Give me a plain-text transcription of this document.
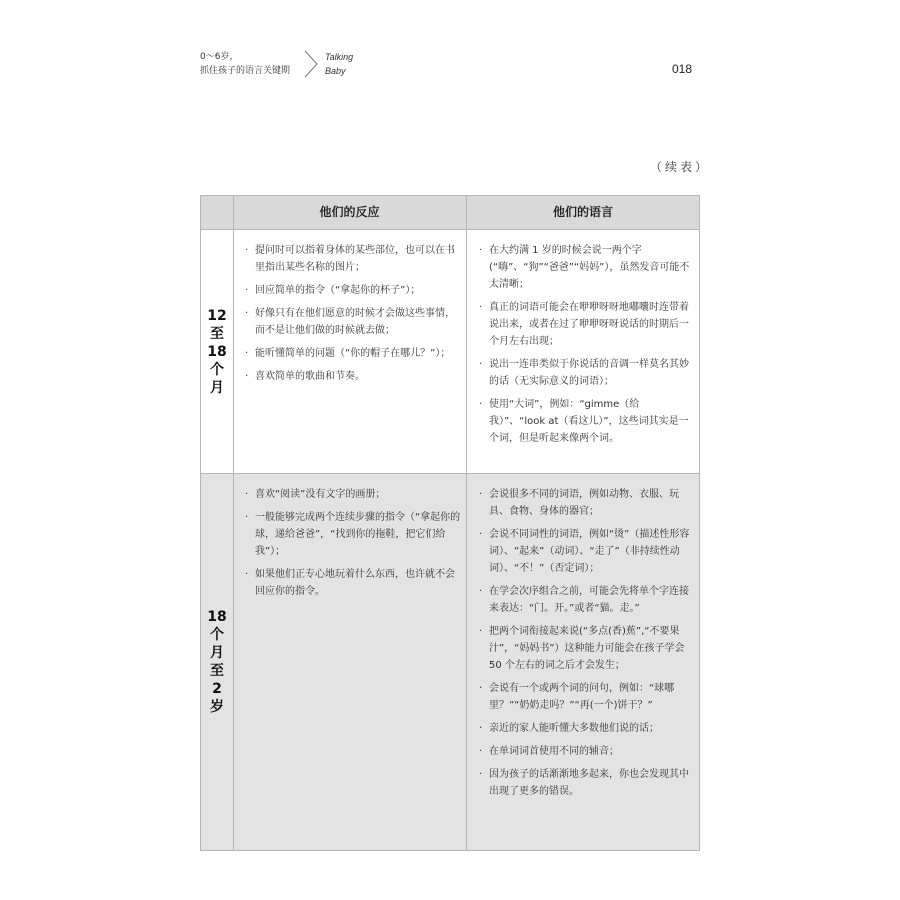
0～6岁，
抓住孩子的语言关键期
Talking
Baby	018
（续表）
他们的反应	他们的语言
12
至
18
个
月
· 提问时可以指着身体的某些部位，也可以在书里指出某些名称的图片；
· 回应简单的指令（“拿起你的杯子”）；
· 好像只有在他们愿意的时候才会做这些事情，而不是让他们做的时候就去做；
· 能听懂简单的问题（“你的帽子在哪儿？”）；
· 喜欢简单的歌曲和节奏。
· 在大约满 1 岁的时候会说一两个字(“嗨”、“狗”“爸爸”“妈妈”），虽然发音可能不太清晰；
· 真正的词语可能会在咿咿呀呀地嘟囔时连带着说出来，或者在过了咿咿呀呀说话的时期后一个月左右出现；
· 说出一连串类似于你说话的音调一样莫名其妙的话（无实际意义的词语）；
· 使用“大词”，例如：“gimme（给我）”、“look at（看这儿）”，这些词其实是一个词，但是听起来像两个词。
18
个
月
至
2
岁
· 喜欢“阅读”没有文字的画册；
· 一般能够完成两个连续步骤的指令（“拿起你的球，递给爸爸”，“找到你的拖鞋，把它们给我”）；
· 如果他们正专心地玩着什么东西，也许就不会回应你的指令。
· 会说很多不同的词语，例如动物、衣服、玩具、食物、身体的器官；
· 会说不同词性的词语，例如“烫”（描述性形容词）、“起来”（动词）、“走了”（非持续性动词）、“不！”（否定词）；
· 在学会次序组合之前，可能会先将单个字连接来表达：“门。开。”或者“猫。走。”
· 把两个词衔接起来说(“多点(香)蕉”,“不要果汁”，“妈妈书”）这种能力可能会在孩子学会 50 个左右的词之后才会发生；
· 会说有一个或两个词的问句，例如：“球哪里？”“奶奶走吗？”“再(一个)饼干？”
· 亲近的家人能听懂大多数他们说的话；
· 在单词词首使用不同的辅音；
· 因为孩子的话渐渐地多起来，你也会发现其中出现了更多的错误。
